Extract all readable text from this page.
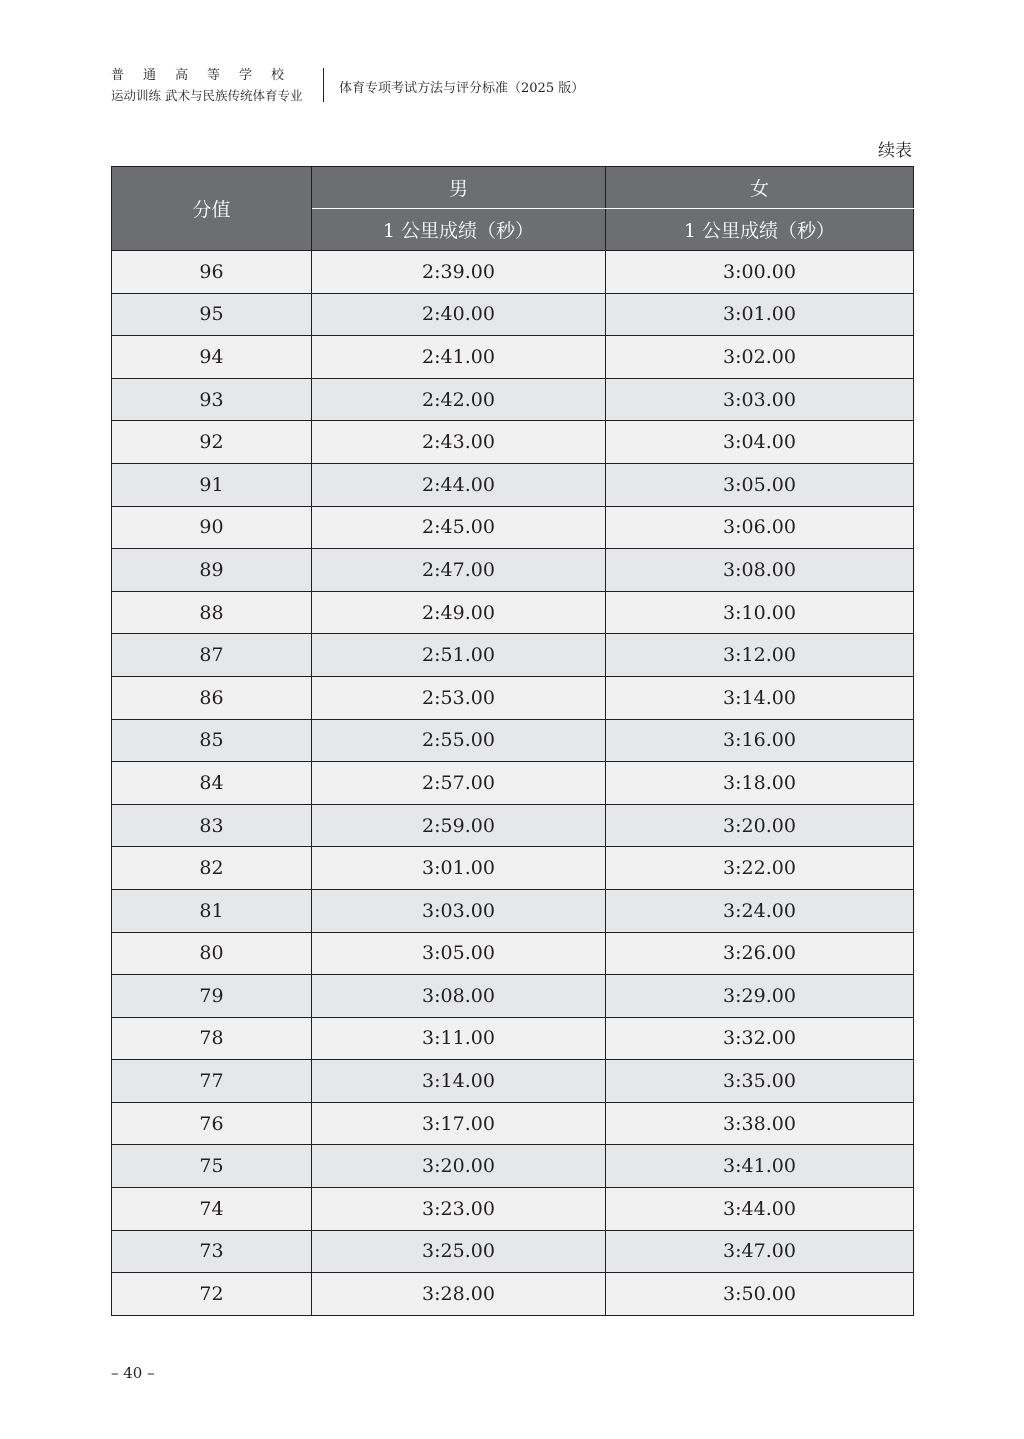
普通高等学校
运动训练 武术与民族传统体育专业	体育专项考试方法与评分标准（2025 版）
续表
分值	男	女
	1 公里成绩（秒）	1 公里成绩（秒）
96	2:39.00	3:00.00
95	2:40.00	3:01.00
94	2:41.00	3:02.00
93	2:42.00	3:03.00
92	2:43.00	3:04.00
91	2:44.00	3:05.00
90	2:45.00	3:06.00
89	2:47.00	3:08.00
88	2:49.00	3:10.00
87	2:51.00	3:12.00
86	2:53.00	3:14.00
85	2:55.00	3:16.00
84	2:57.00	3:18.00
83	2:59.00	3:20.00
82	3:01.00	3:22.00
81	3:03.00	3:24.00
80	3:05.00	3:26.00
79	3:08.00	3:29.00
78	3:11.00	3:32.00
77	3:14.00	3:35.00
76	3:17.00	3:38.00
75	3:20.00	3:41.00
74	3:23.00	3:44.00
73	3:25.00	3:47.00
72	3:28.00	3:50.00
– 40 –
